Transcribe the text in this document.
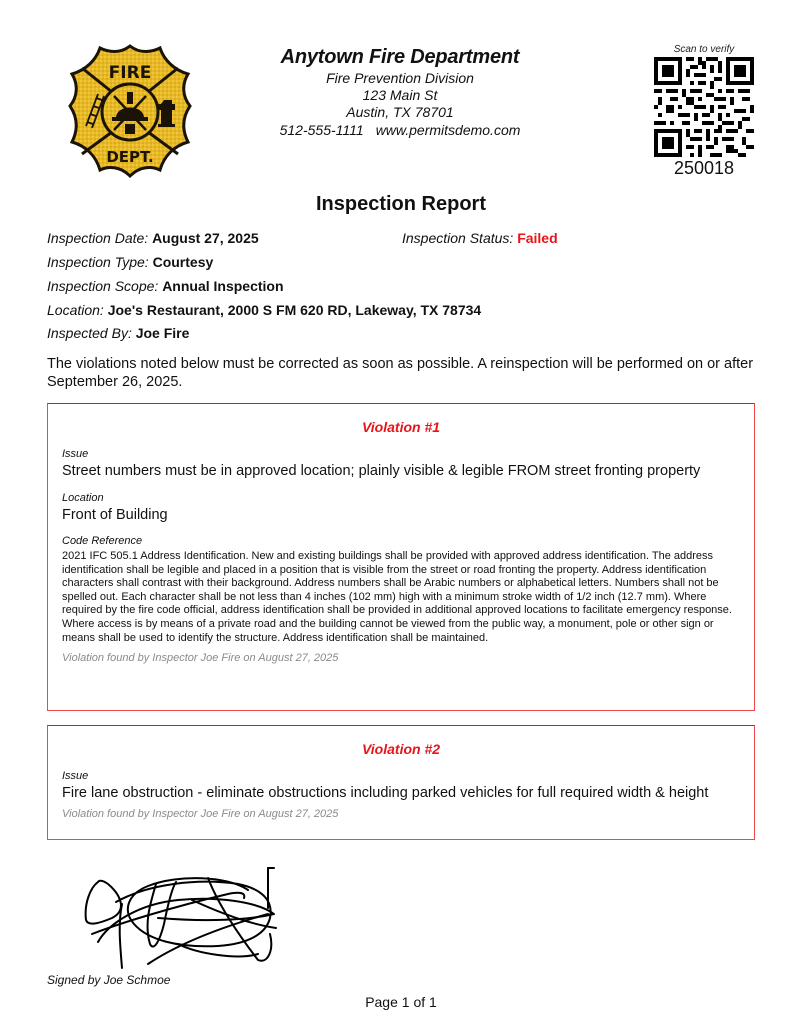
FIRE
DEPT.
Anytown Fire Department
Fire Prevention Division
123 Main St
Austin, TX 78701
512-555-1111 www.permitsdemo.com
Scan to verify
250018
Inspection Report
Inspection Date: August 27, 2025	Inspection Status: Failed
Inspection Type: Courtesy
Inspection Scope: Annual Inspection
Location: Joe's Restaurant, 2000 S FM 620 RD, Lakeway, TX 78734
Inspected By: Joe Fire
The violations noted below must be corrected as soon as possible. A reinspection will be performed on or after September 26, 2025.
Violation #1
Issue
Street numbers must be in approved location; plainly visible & legible FROM street fronting property
Location
Front of Building
Code Reference
2021 IFC 505.1 Address Identification. New and existing buildings shall be provided with approved address identification. The address identification shall be legible and placed in a position that is visible from the street or road fronting the property. Address identification characters shall contrast with their background. Address numbers shall be Arabic numbers or alphabetical letters. Numbers shall not be spelled out. Each character shall be not less than 4 inches (102 mm) high with a minimum stroke width of 1/2 inch (12.7 mm). Where required by the fire code official, address identification shall be provided in additional approved locations to facilitate emergency response. Where access is by means of a private road and the building cannot be viewed from the public way, a monument, pole or other sign or means shall be used to identify the structure. Address identification shall be maintained.
Violation found by Inspector Joe Fire on August 27, 2025
Violation #2
Issue
Fire lane obstruction - eliminate obstructions including parked vehicles for full required width & height
Violation found by Inspector Joe Fire on August 27, 2025
Signed by Joe Schmoe
Page 1 of 1
